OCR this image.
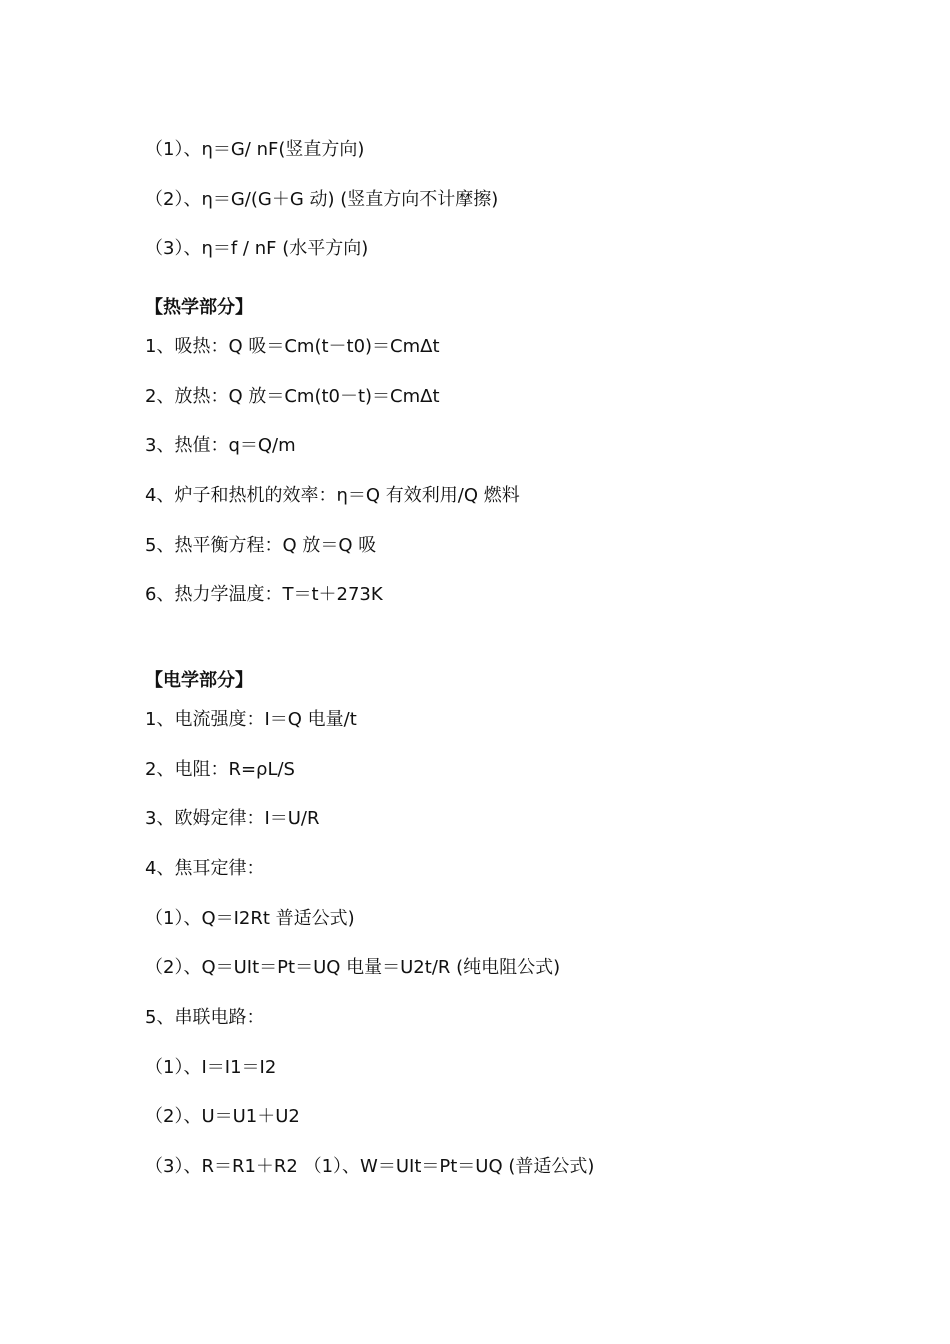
（1）、η＝G/ nF(竖直方向)
（2）、η＝G/(G＋G 动) (竖直方向不计摩擦)
（3）、η＝f / nF (水平方向)
【热学部分】
1、吸热：Q 吸＝Cm(t－t0)＝CmΔt
2、放热：Q 放＝Cm(t0－t)＝CmΔt
3、热值：q＝Q/m
4、炉子和热机的效率：η＝Q 有效利用/Q 燃料
5、热平衡方程：Q 放＝Q 吸
6、热力学温度：T＝t＋273K
【电学部分】
1、电流强度：I＝Q 电量/t
2、电阻：R=ρL/S
3、欧姆定律：I＝U/R
4、焦耳定律：
（1）、Q＝I2Rt 普适公式)
（2）、Q＝UIt＝Pt＝UQ 电量＝U2t/R (纯电阻公式)
5、串联电路：
（1）、I＝I1＝I2
（2）、U＝U1＋U2
（3）、R＝R1＋R2 （1）、W＝UIt＝Pt＝UQ (普适公式)
